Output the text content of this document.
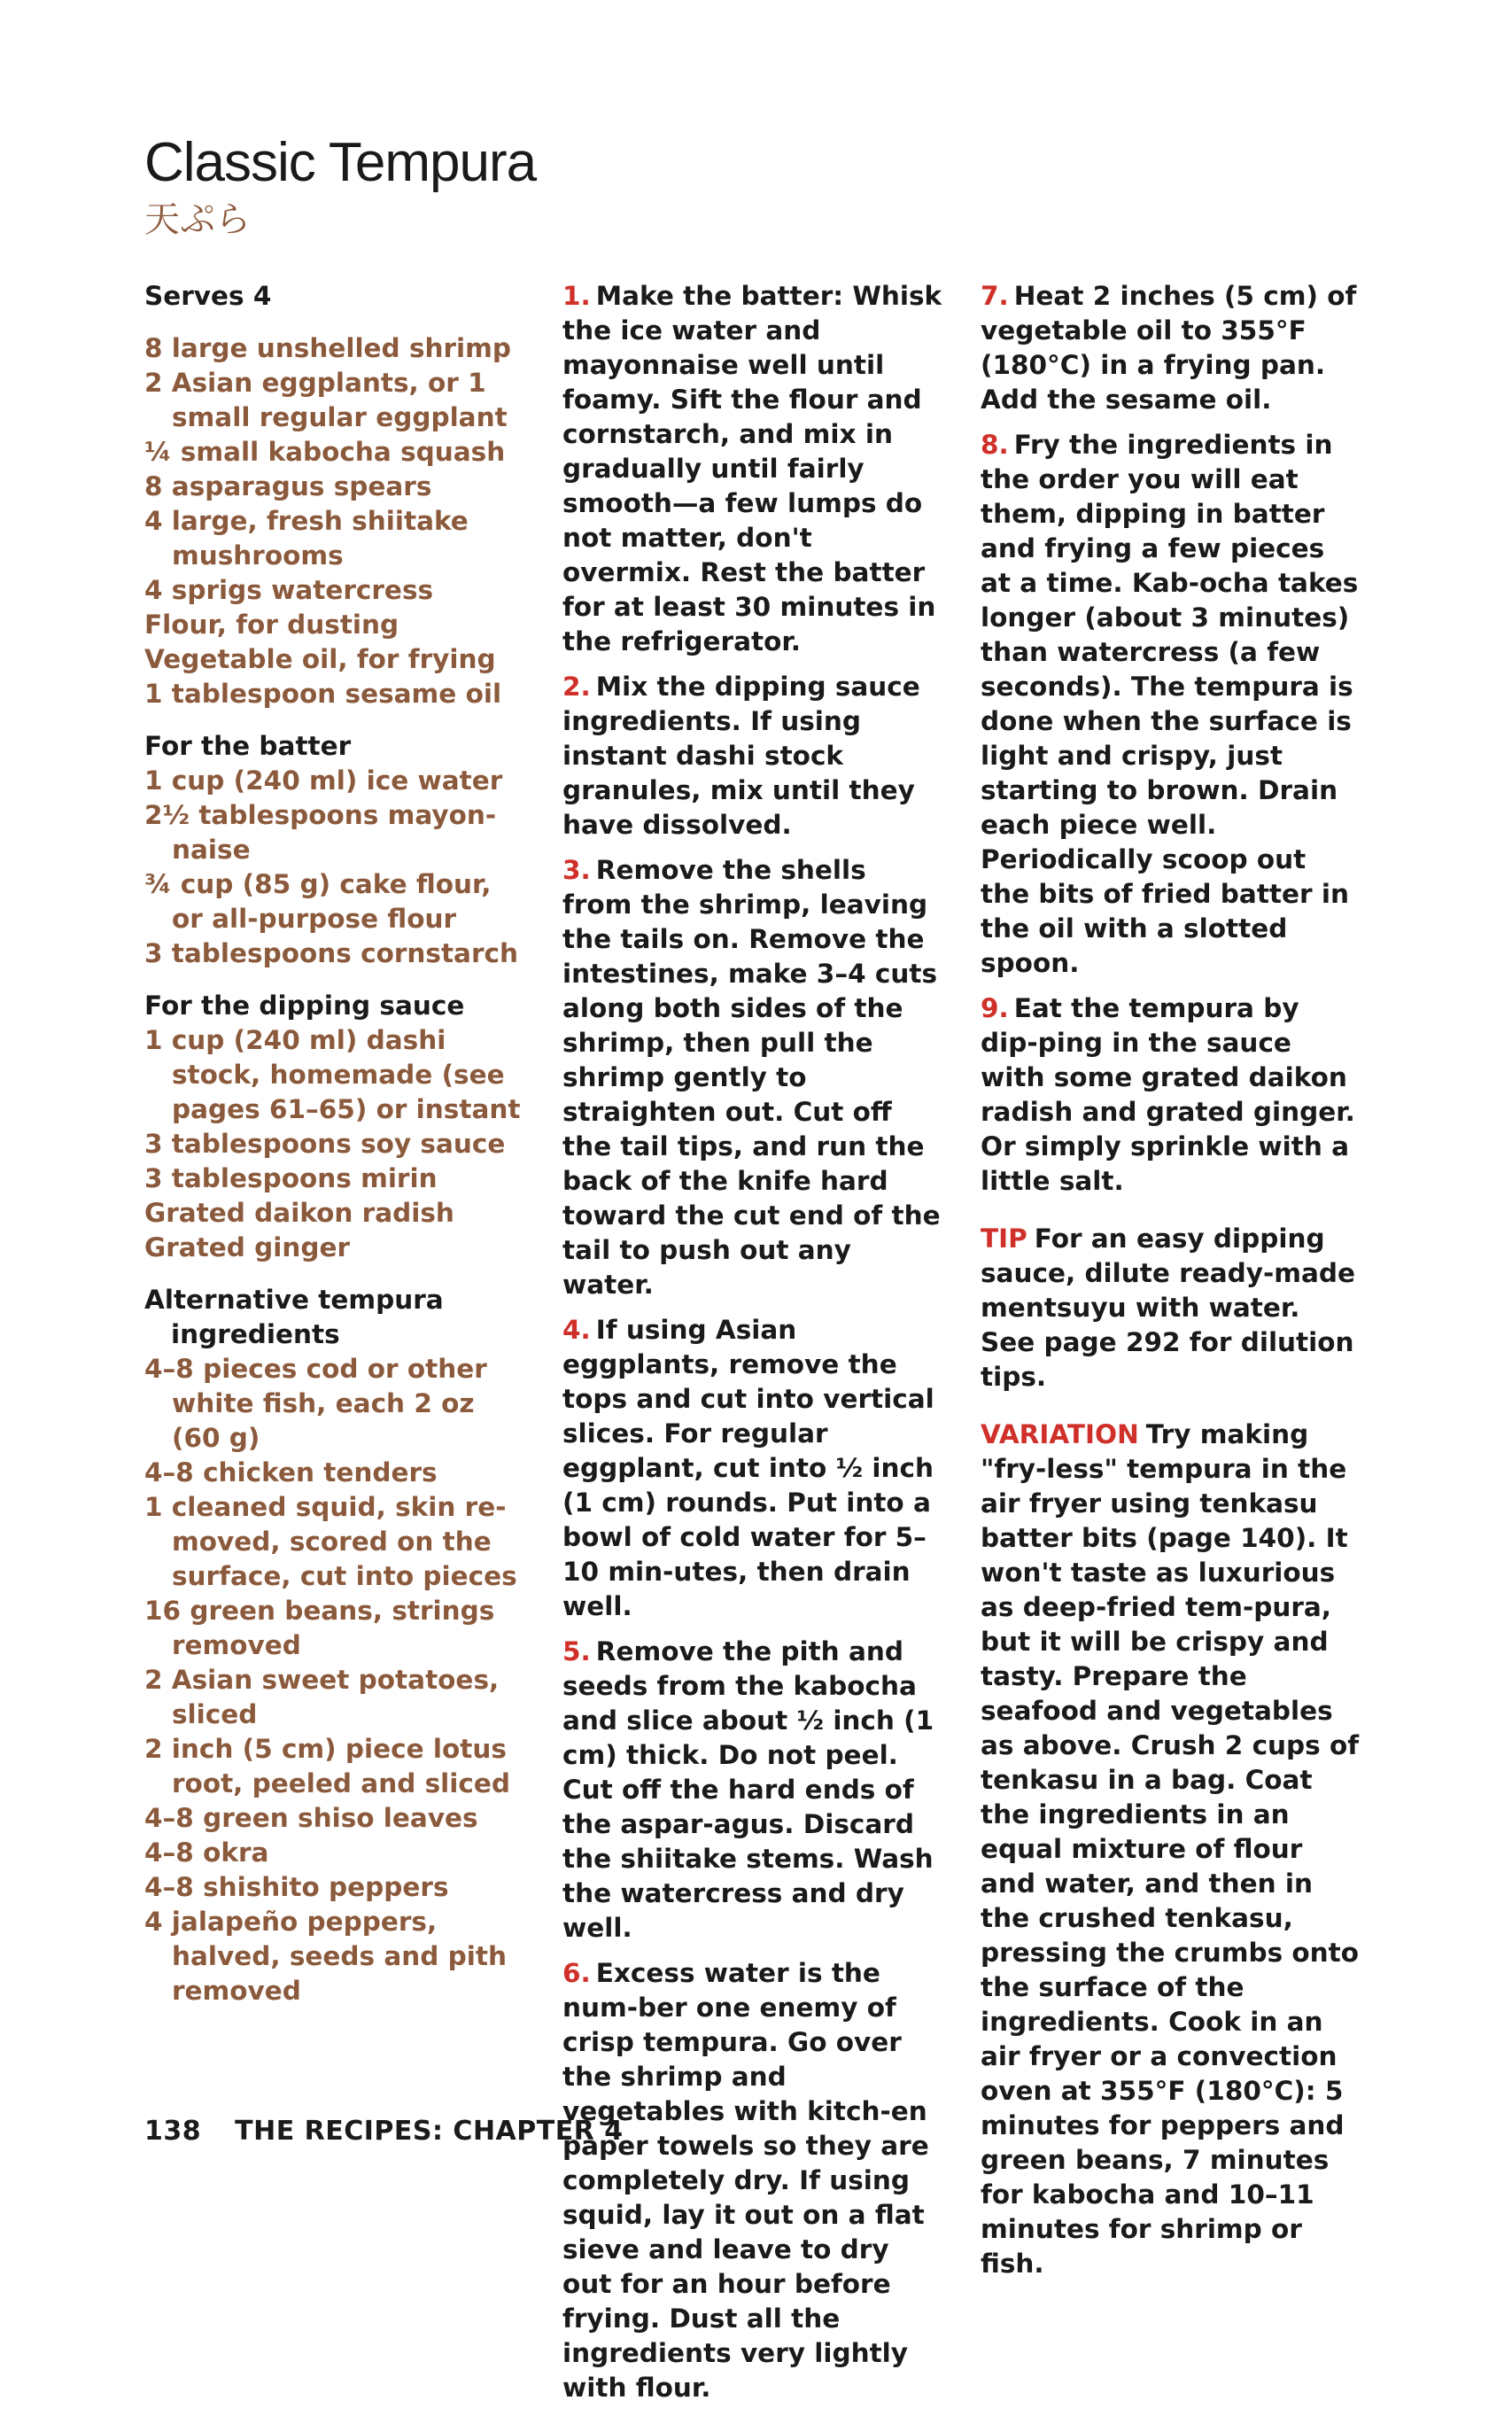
Classic Tempura
天ぷら
Serves 4
8 large unshelled shrimp
2 Asian eggplants, or 1 small regular eggplant
¼ small kabocha squash
8 asparagus spears
4 large, fresh shiitake mushrooms
4 sprigs watercress
Flour, for dusting
Vegetable oil, for frying
1 tablespoon sesame oil
For the batter
1 cup (240 ml) ice water
2½ tablespoons mayon-naise
¾ cup (85 g) cake flour, or all-purpose flour
3 tablespoons cornstarch
For the dipping sauce
1 cup (240 ml) dashi stock, homemade (see pages 61–65) or instant
3 tablespoons soy sauce
3 tablespoons mirin
Grated daikon radish
Grated ginger
Alternative tempura ingredients
4–8 pieces cod or other white fish, each 2 oz (60 g)
4–8 chicken tenders
1 cleaned squid, skin re-moved, scored on the surface, cut into pieces
16 green beans, strings removed
2 Asian sweet potatoes, sliced
2 inch (5 cm) piece lotus root, peeled and sliced
4–8 green shiso leaves
4–8 okra
4–8 shishito peppers
4 jalapeño peppers, halved, seeds and pith removed

1. Make the batter: Whisk the ice water and mayonnaise well until foamy. Sift the flour and cornstarch, and mix in gradually until fairly smooth—a few lumps do not matter, don't overmix. Rest the batter for at least 30 minutes in the refrigerator.

2. Mix the dipping sauce ingredients. If using instant dashi stock granules, mix until they have dissolved.

3. Remove the shells from the shrimp, leaving the tails on. Remove the intestines, make 3–4 cuts along both sides of the shrimp, then pull the shrimp gently to straighten out. Cut off the tail tips, and run the back of the knife hard toward the cut end of the tail to push out any water.

4. If using Asian eggplants, remove the tops and cut into vertical slices. For regular eggplant, cut into ½ inch (1 cm) rounds. Put into a bowl of cold water for 5–10 min-utes, then drain well.

5. Remove the pith and seeds from the kabocha and slice about ½ inch (1 cm) thick. Do not peel. Cut off the hard ends of the aspar-agus. Discard the shiitake stems. Wash the watercress and dry well.

6. Excess water is the num-ber one enemy of crisp tempura. Go over the shrimp and vegetables with kitch-en paper towels so they are completely dry. If using squid, lay it out on a flat sieve and leave to dry out for an hour before frying. Dust all the ingredients very lightly with flour.

7. Heat 2 inches (5 cm) of vegetable oil to 355°F (180°C) in a frying pan. Add the sesame oil.

8. Fry the ingredients in the order you will eat them, dipping in batter and frying a few pieces at a time. Kab-ocha takes longer (about 3 minutes) than watercress (a few seconds). The tempura is done when the surface is light and crispy, just starting to brown. Drain each piece well. Periodically scoop out the bits of fried batter in the oil with a slotted spoon.

9. Eat the tempura by dip-ping in the sauce with some grated daikon radish and grated ginger. Or simply sprinkle with a little salt.

TIP For an easy dipping sauce, dilute ready-made mentsuyu with water. See page 292 for dilution tips.
VARIATION Try making "fry-less" tempura in the air fryer using tenkasu batter bits (page 140). It won't taste as luxurious as deep-fried tem-pura, but it will be crispy and tasty. Prepare the seafood and vegetables as above. Crush 2 cups of tenkasu in a bag. Coat the ingredients in an equal mixture of flour and water, and then in the crushed tenkasu, pressing the crumbs onto the surface of the ingredients. Cook in an air fryer or a convection oven at 355°F (180°C): 5 minutes for peppers and green beans, 7 minutes for kabocha and 10–11 minutes for shrimp or fish.
138 THE RECIPES: CHAPTER 4
